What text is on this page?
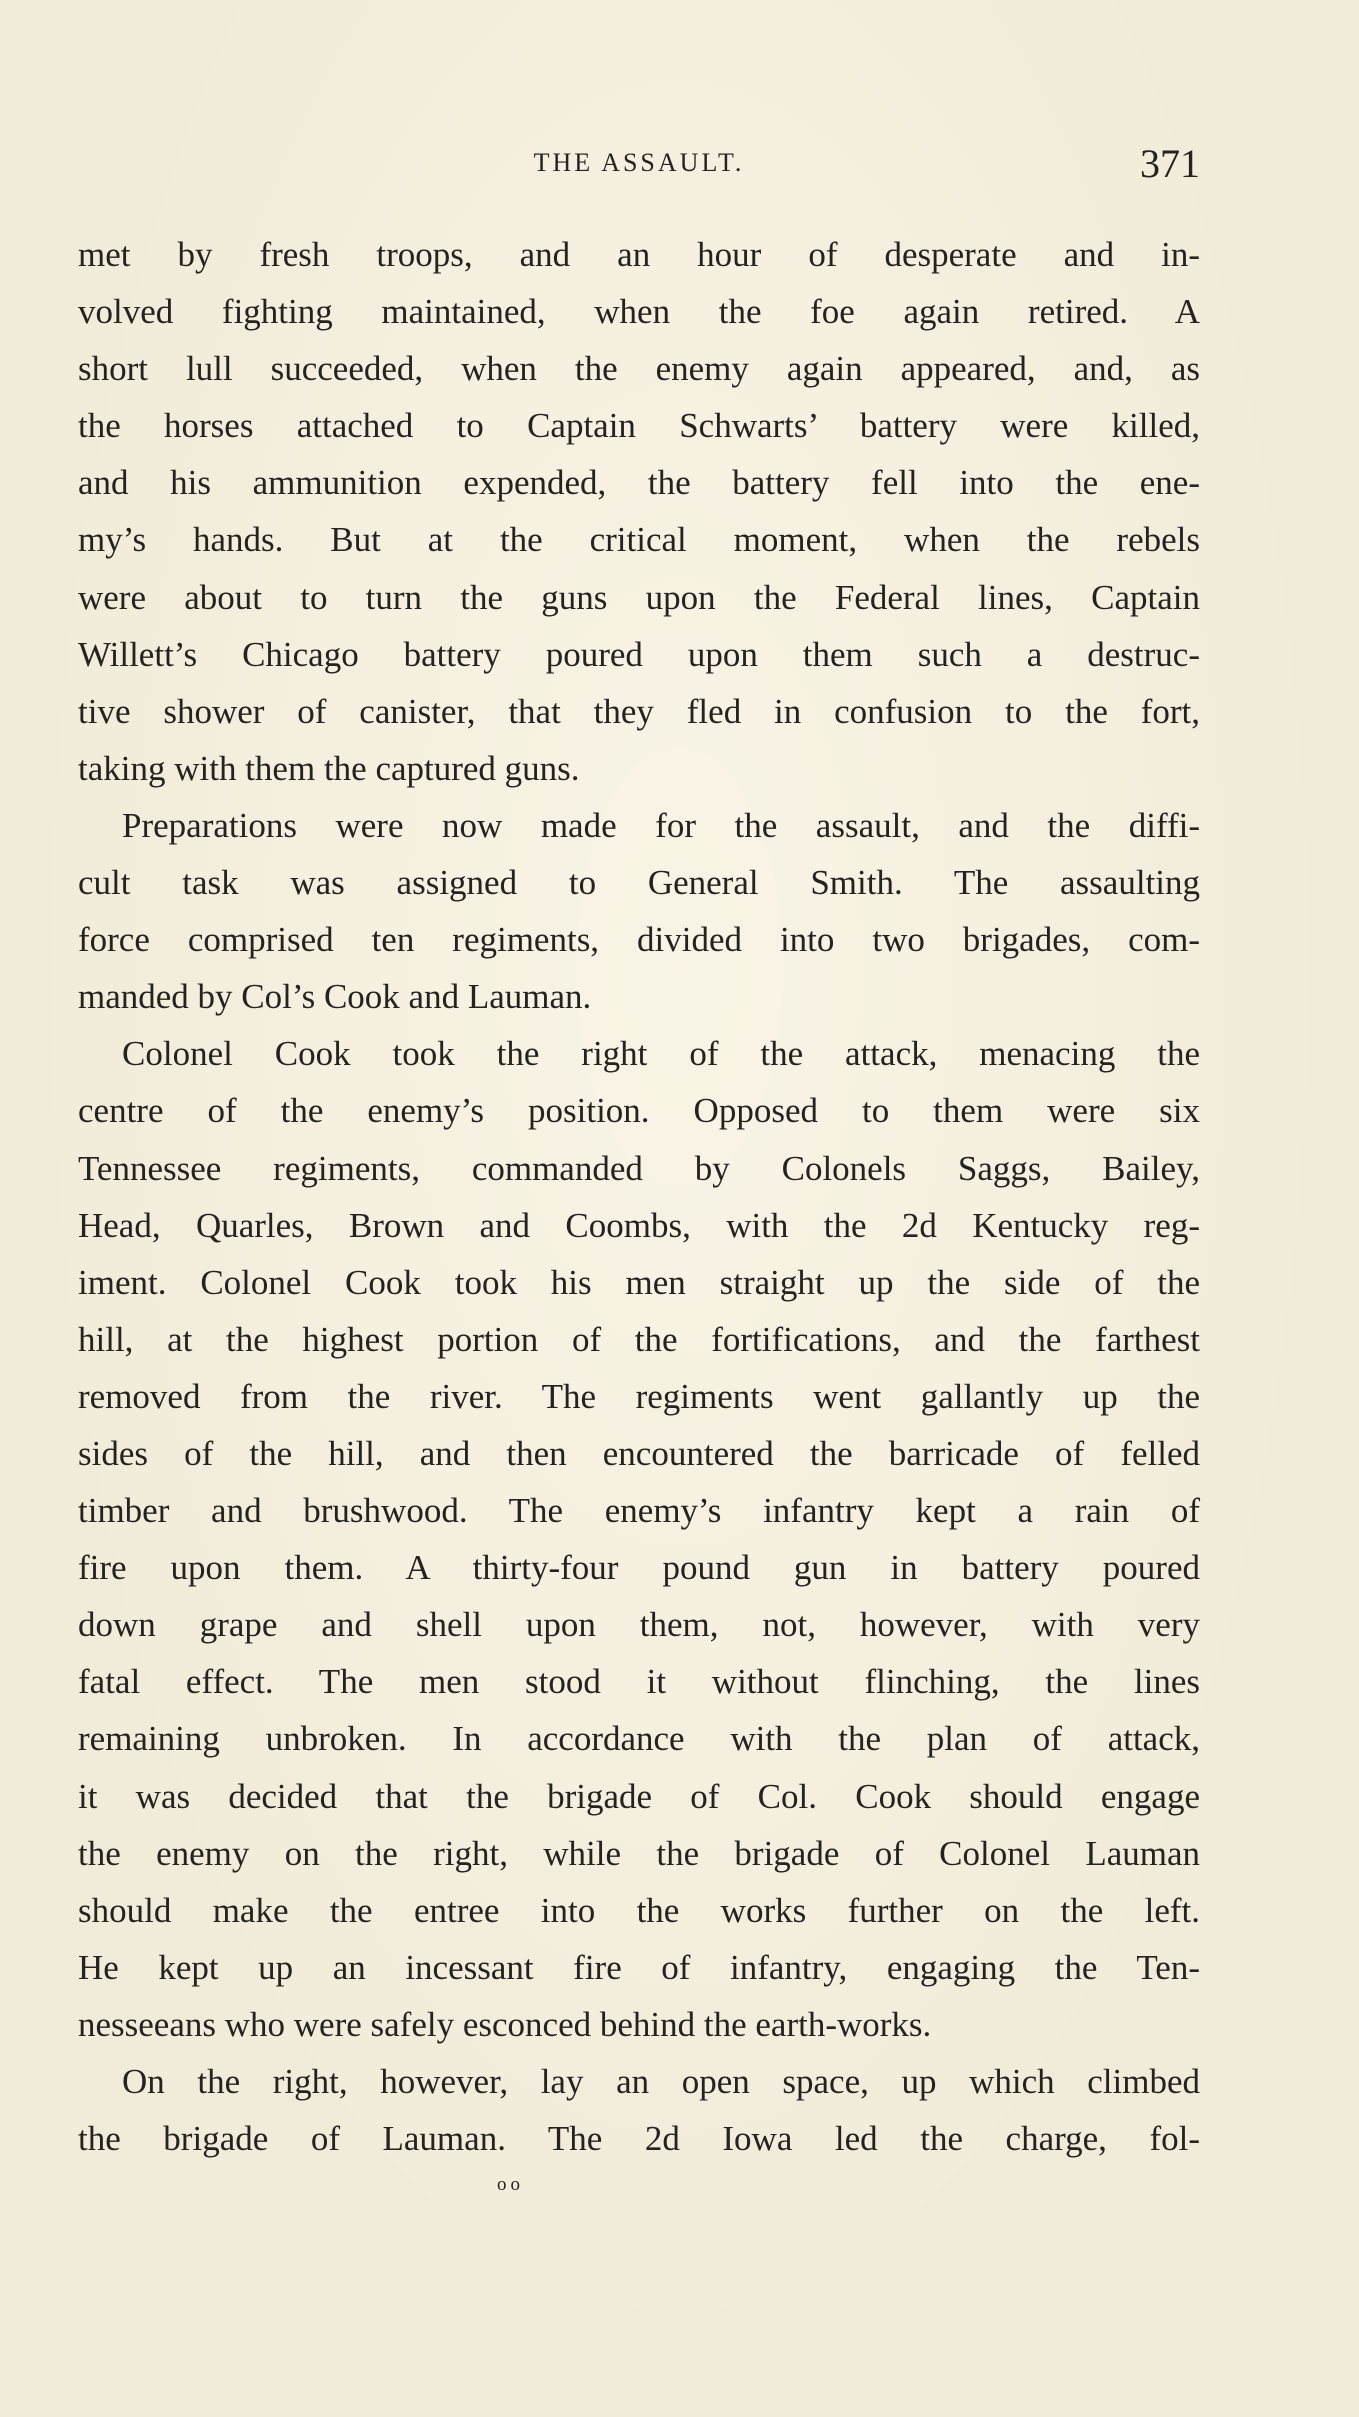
THE ASSAULT.	371
met by fresh troops, and an hour of desperate and in-
volved fighting maintained, when the foe again retired. A
short lull succeeded, when the enemy again appeared, and, as
the horses attached to Captain Schwarts’ battery were killed,
and his ammunition expended, the battery fell into the ene-
my’s hands. But at the critical moment, when the rebels
were about to turn the guns upon the Federal lines, Captain
Willett’s Chicago battery poured upon them such a destruc-
tive shower of canister, that they fled in confusion to the fort,
taking with them the captured guns.
Preparations were now made for the assault, and the diffi-
cult task was assigned to General Smith. The assaulting
force comprised ten regiments, divided into two brigades, com-
manded by Col’s Cook and Lauman.
Colonel Cook took the right of the attack, menacing the
centre of the enemy’s position. Opposed to them were six
Tennessee regiments, commanded by Colonels Saggs, Bailey,
Head, Quarles, Brown and Coombs, with the 2d Kentucky reg-
iment. Colonel Cook took his men straight up the side of the
hill, at the highest portion of the fortifications, and the farthest
removed from the river. The regiments went gallantly up the
sides of the hill, and then encountered the barricade of felled
timber and brushwood. The enemy’s infantry kept a rain of
fire upon them. A thirty-four pound gun in battery poured
down grape and shell upon them, not, however, with very
fatal effect. The men stood it without flinching, the lines
remaining unbroken. In accordance with the plan of attack,
it was decided that the brigade of Col. Cook should engage
the enemy on the right, while the brigade of Colonel Lauman
should make the entree into the works further on the left.
He kept up an incessant fire of infantry, engaging the Ten-
nesseeans who were safely esconced behind the earth-works.
On the right, however, lay an open space, up which climbed
the brigade of Lauman. The 2d Iowa led the charge, fol-
oo
